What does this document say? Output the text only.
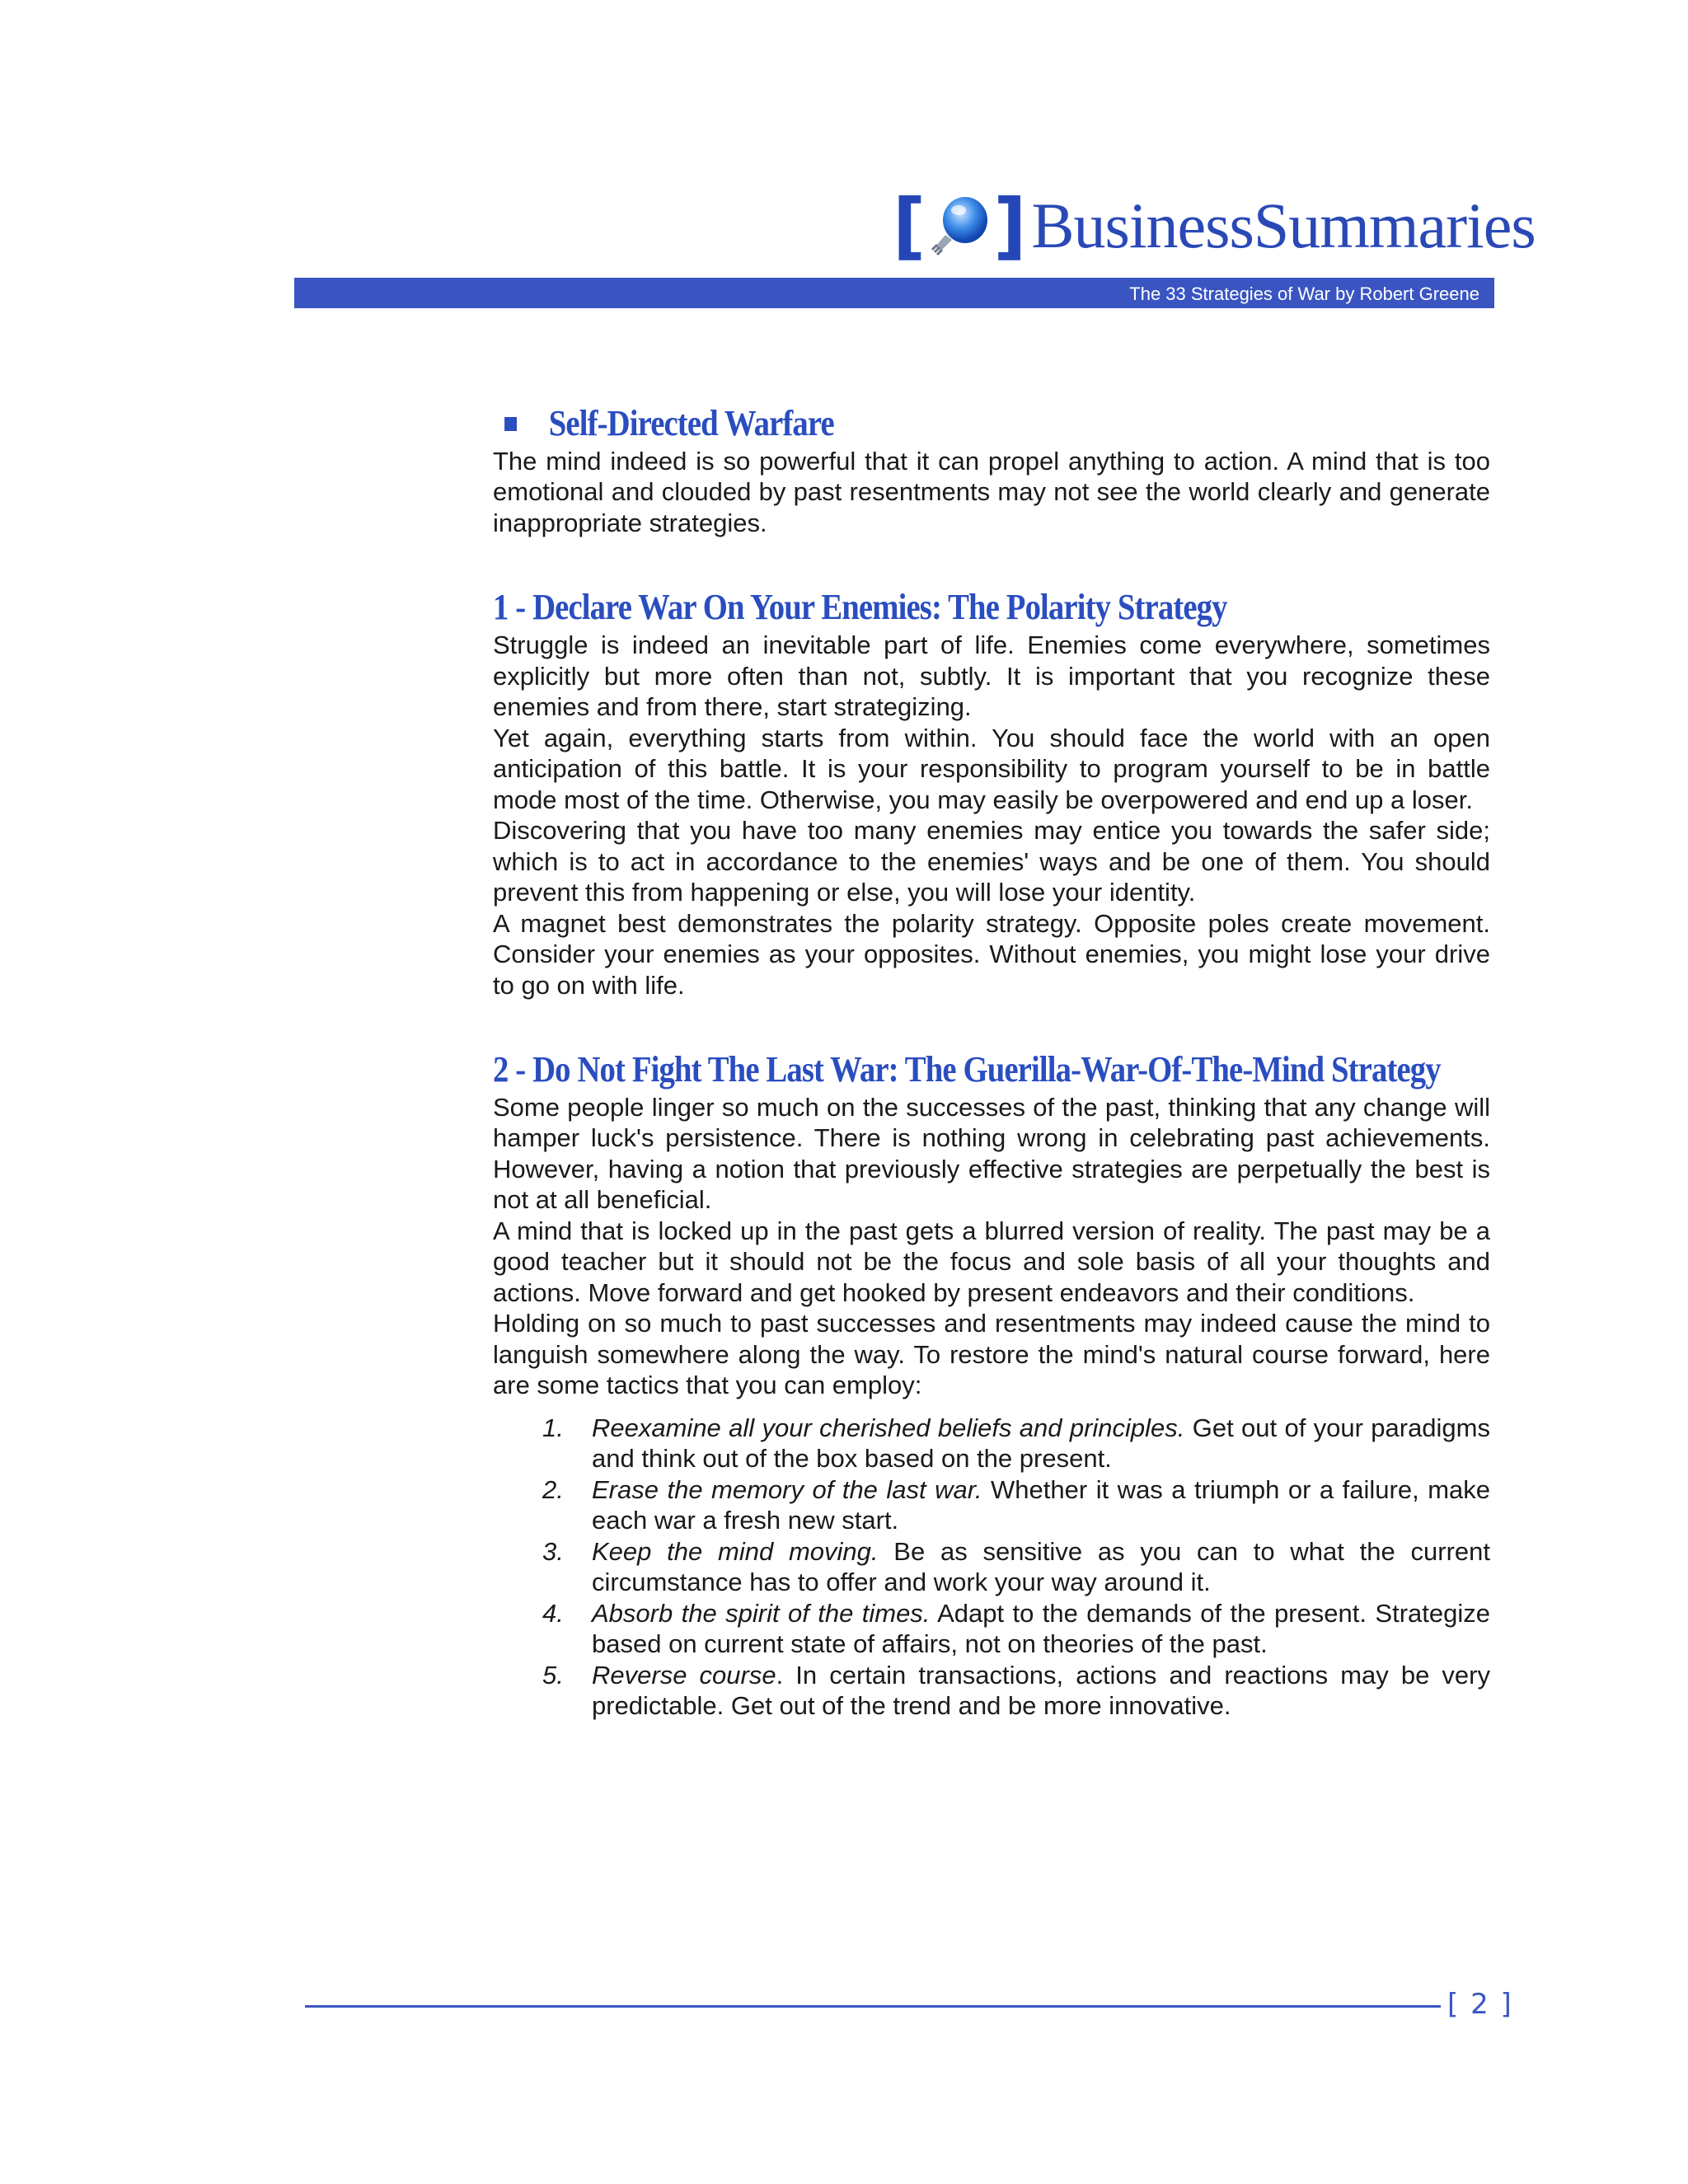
[ ] BusinessSummaries
The 33 Strategies of War by Robert Greene
Self-Directed Warfare

The mind indeed is so powerful that it can propel anything to action. A mind that is too emotional and clouded by past resentments may not see the world clearly and generate inappropriate strategies.

1 - Declare War On Your Enemies: The Polarity Strategy

Struggle is indeed an inevitable part of life. Enemies come everywhere, sometimes explicitly but more often than not, subtly. It is important that you recognize these enemies and from there, start strategizing.

Yet again, everything starts from within. You should face the world with an open anticipation of this battle. It is your responsibility to program yourself to be in battle mode most of the time. Otherwise, you may easily be overpowered and end up a loser.

Discovering that you have too many enemies may entice you towards the safer side; which is to act in accordance to the enemies' ways and be one of them. You should prevent this from happening or else, you will lose your identity.

A magnet best demonstrates the polarity strategy. Opposite poles create movement. Consider your enemies as your opposites. Without enemies, you might lose your drive to go on with life.

2 - Do Not Fight The Last War: The Guerilla-War-Of-The-Mind Strategy

Some people linger so much on the successes of the past, thinking that any change will hamper luck's persistence. There is nothing wrong in celebrating past achievements. However, having a notion that previously effective strategies are perpetually the best is not at all beneficial.

A mind that is locked up in the past gets a blurred version of reality. The past may be a good teacher but it should not be the focus and sole basis of all your thoughts and actions. Move forward and get hooked by present endeavors and their conditions.

Holding on so much to past successes and resentments may indeed cause the mind to languish somewhere along the way. To restore the mind's natural course forward, here are some tactics that you can employ:

1. Reexamine all your cherished beliefs and principles. Get out of your paradigms and think out of the box based on the present.
2. Erase the memory of the last war. Whether it was a triumph or a failure, make each war a fresh new start.
3. Keep the mind moving. Be as sensitive as you can to what the current circumstance has to offer and work your way around it.
4. Absorb the spirit of the times. Adapt to the demands of the present. Strategize based on current state of affairs, not on theories of the past.
5. Reverse course. In certain transactions, actions and reactions may be very predictable. Get out of the trend and be more innovative.
[ 2 ]
